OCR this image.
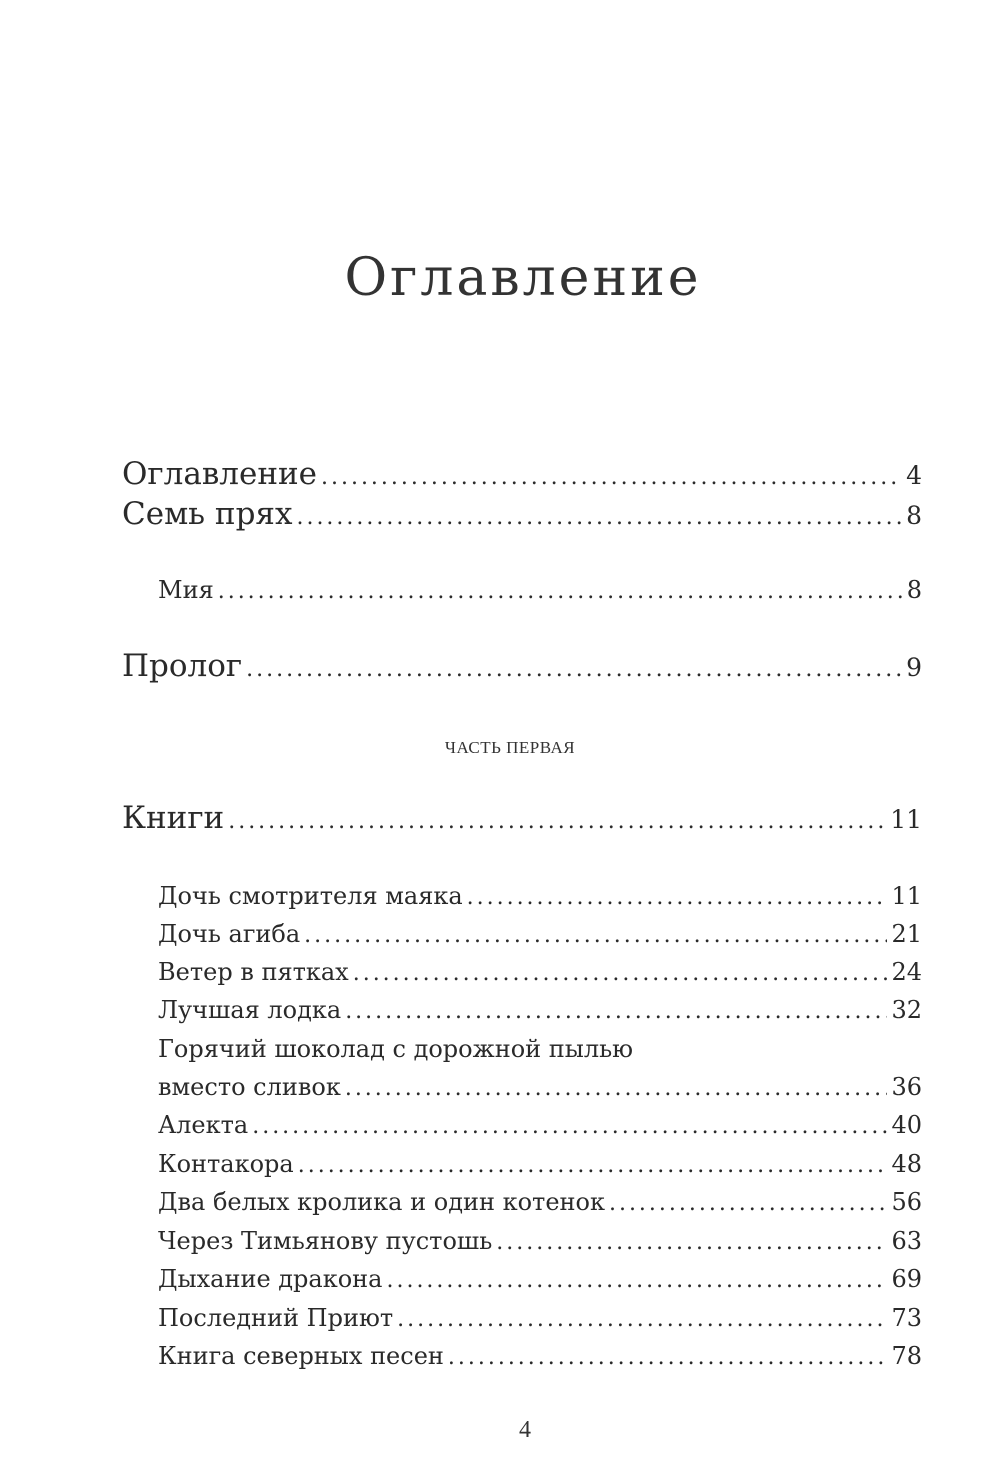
Оглавление
Оглавление . . .	4
Семь прях . . .	8
Мия . . .	8
Пролог . . .	9
ЧАСТЬ ПЕРВАЯ
Книги . . .	11
Дочь смотрителя маяка . . .	11
Дочь агиба . . .	21
Ветер в пятках . . .	24
Лучшая лодка . . .	32
Горячий шоколад с дорожной пылью
вместо сливок . . .	36
Алекта . . .	40
Контакора . . .	48
Два белых кролика и один котенок . . .	56
Через Тимьянову пустошь . . .	63
Дыхание дракона . . .	69
Последний Приют . . .	73
Книга северных песен . . .	78
4
